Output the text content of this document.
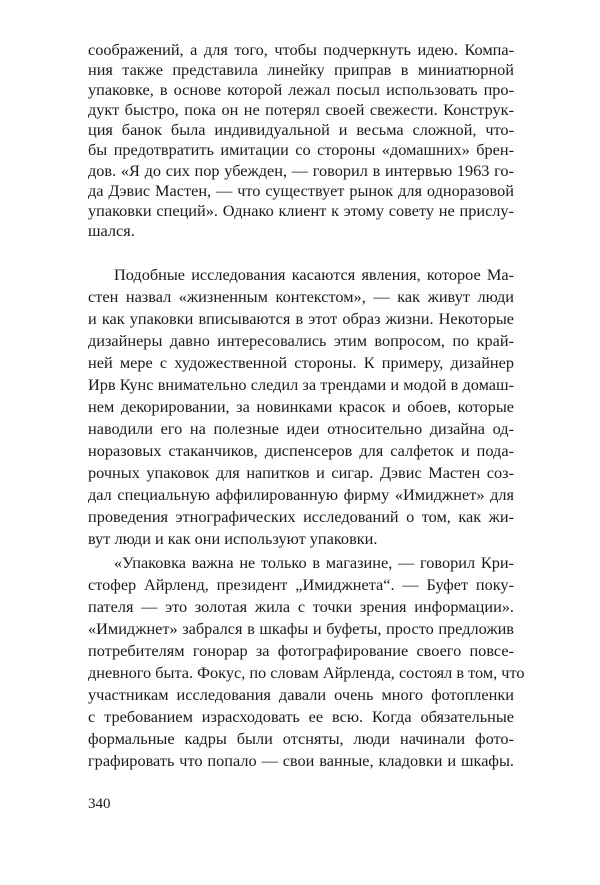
соображений, а для того, чтобы подчеркнуть идею. Компа-
ния также представила линейку приправ в миниатюрной
упаковке, в основе которой лежал посыл использовать про-
дукт быстро, пока он не потерял своей свежести. Конструк-
ция банок была индивидуальной и весьма сложной, что-
бы предотвратить имитации со стороны «домашних» брен-
дов. «Я до сих пор убежден, — говорил в интервью 1963 го-
да Дэвис Мастен, — что существует рынок для одноразовой
упаковки специй». Однако клиент к этому совету не прислу-
шался.
Подобные исследования касаются явления, которое Ма-
стен назвал «жизненным контекстом», — как живут люди
и как упаковки вписываются в этот образ жизни. Некоторые
дизайнеры давно интересовались этим вопросом, по край-
ней мере с художественной стороны. К примеру, дизайнер
Ирв Кунс внимательно следил за трендами и модой в домаш-
нем декорировании, за новинками красок и обоев, которые
наводили его на полезные идеи относительно дизайна од-
норазовых стаканчиков, диспенсеров для салфеток и пода-
рочных упаковок для напитков и сигар. Дэвис Мастен соз-
дал специальную аффилированную фирму «Имиджнет» для
проведения этнографических исследований о том, как жи-
вут люди и как они используют упаковки.
«Упаковка важна не только в магазине, — говорил Кри-
стофер Айрленд, президент „Имиджнета“. — Буфет поку-
пателя — это золотая жила с точки зрения информации».
«Имиджнет» забрался в шкафы и буфеты, просто предложив
потребителям гонорар за фотографирование своего повсе-
дневного быта. Фокус, по словам Айрленда, состоял в том, что
участникам исследования давали очень много фотопленки
с требованием израсходовать ее всю. Когда обязательные
формальные кадры были отсняты, люди начинали фото-
графировать что попало — свои ванные, кладовки и шкафы.
340
